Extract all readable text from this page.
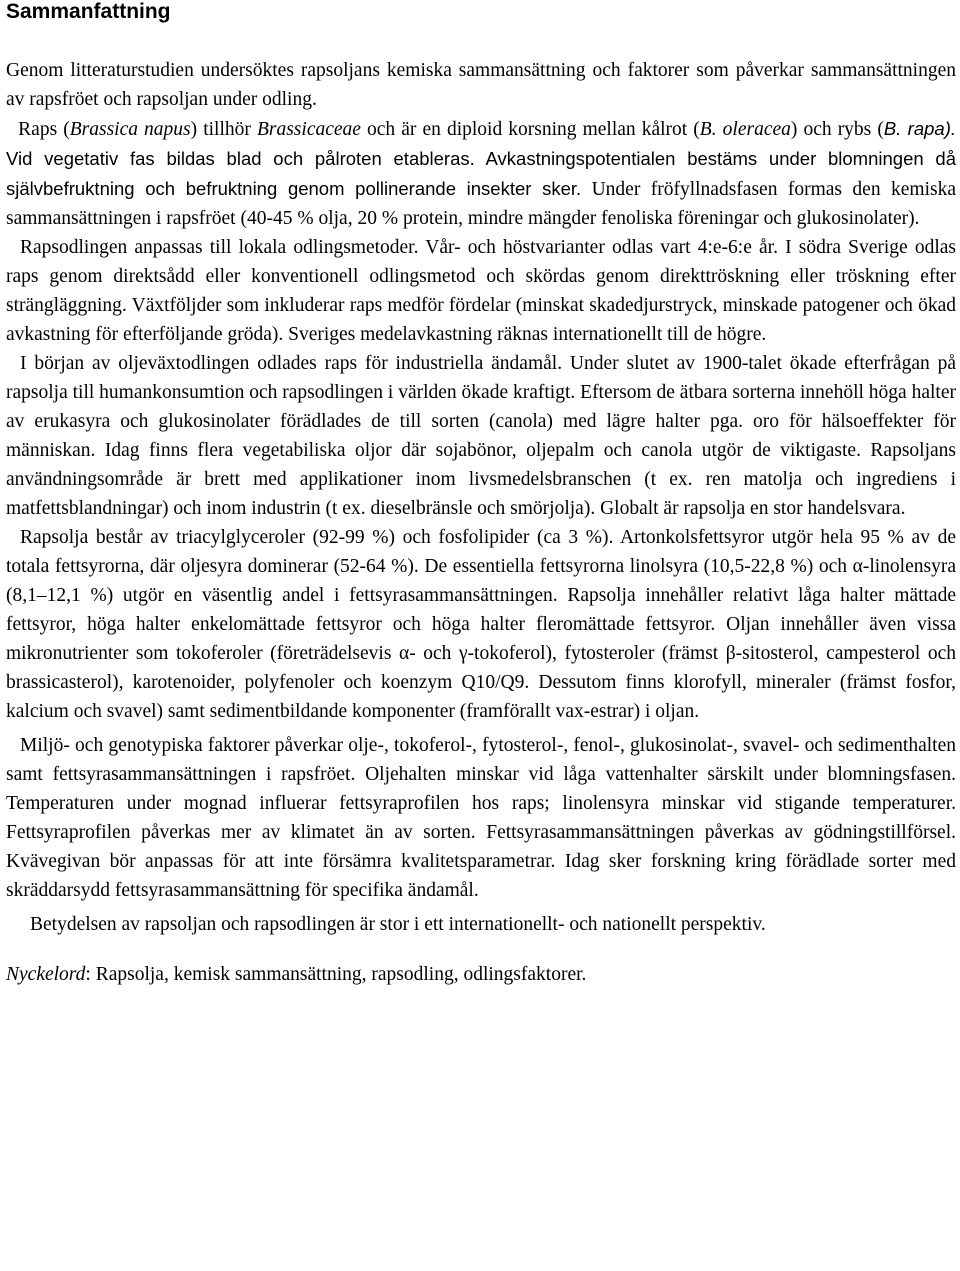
Sammanfattning

Genom litteraturstudien undersöktes rapsoljans kemiska sammansättning och faktorer som påverkar sammansättningen av rapsfröet och rapsoljan under odling.
Raps (Brassica napus) tillhör Brassicaceae och är en diploid korsning mellan kålrot (B. oleracea) och rybs (B. rapa). Vid vegetativ fas bildas blad och pålroten etableras. Avkastningspotentialen bestäms under blomningen då självbefruktning och befruktning genom pollinerande insekter sker. Under fröfyllnadsfasen formas den kemiska sammansättningen i rapsfröet (40-45 % olja, 20 % protein, mindre mängder fenoliska föreningar och glukosinolater).

Rapsodlingen anpassas till lokala odlingsmetoder. Vår- och höstvarianter odlas vart 4:e-6:e år. I södra Sverige odlas raps genom direktsådd eller konventionell odlingsmetod och skördas genom direkttröskning eller tröskning efter strängläggning. Växtföljder som inkluderar raps medför fördelar (minskat skadedjurstryck, minskade patogener och ökad avkastning för efterföljande gröda). Sveriges medelavkastning räknas internationellt till de högre.

I början av oljeväxtodlingen odlades raps för industriella ändamål. Under slutet av 1900-talet ökade efterfrågan på rapsolja till humankonsumtion och rapsodlingen i världen ökade kraftigt. Eftersom de ätbara sorterna innehöll höga halter av erukasyra och glukosinolater förädlades de till sorten (canola) med lägre halter pga. oro för hälsoeffekter för människan. Idag finns flera vegetabiliska oljor där sojabönor, oljepalm och canola utgör de viktigaste. Rapsoljans användningsområde är brett med applikationer inom livsmedelsbranschen (t ex. ren matolja och ingrediens i matfettsblandningar) och inom industrin (t ex. dieselbränsle och smörjolja). Globalt är rapsolja en stor handelsvara.

Rapsolja består av triacylglyceroler (92-99 %) och fosfolipider (ca 3 %). Artonkolsfettsyror utgör hela 95 % av de totala fettsyrorna, där oljesyra dominerar (52-64 %). De essentiella fettsyrorna linolsyra (10,5-22,8 %) och α-linolensyra (8,1–12,1 %) utgör en väsentlig andel i fettsyrasammansättningen. Rapsolja innehåller relativt låga halter mättade fettsyror, höga halter enkelomättade fettsyror och höga halter fleromättade fettsyror. Oljan innehåller även vissa mikronutrienter som tokoferoler (företrädelsevis α- och γ-tokoferol), fytosteroler (främst β-sitosterol, campesterol och brassicasterol), karotenoider, polyfenoler och koenzym Q10/Q9. Dessutom finns klorofyll, mineraler (främst fosfor, kalcium och svavel) samt sedimentbildande komponenter (framförallt vax-estrar) i oljan.

Miljö- och genotypiska faktorer påverkar olje-, tokoferol-, fytosterol-, fenol-, glukosinolat-, svavel- och sedimenthalten samt fettsyrasammansättningen i rapsfröet. Oljehalten minskar vid låga vattenhalter särskilt under blomningsfasen. Temperaturen under mognad influerar fettsyraprofilen hos raps; linolensyra minskar vid stigande temperaturer. Fettsyraprofilen påverkas mer av klimatet än av sorten. Fettsyrasammansättningen påverkas av gödningstillförsel. Kvävegivan bör anpassas för att inte försämra kvalitetsparametrar. Idag sker forskning kring förädlade sorter med skräddarsydd fettsyrasammansättning för specifika ändamål.

Betydelsen av rapsoljan och rapsodlingen är stor i ett internationellt- och nationellt perspektiv.

Nyckelord: Rapsolja, kemisk sammansättning, rapsodling, odlingsfaktorer.
